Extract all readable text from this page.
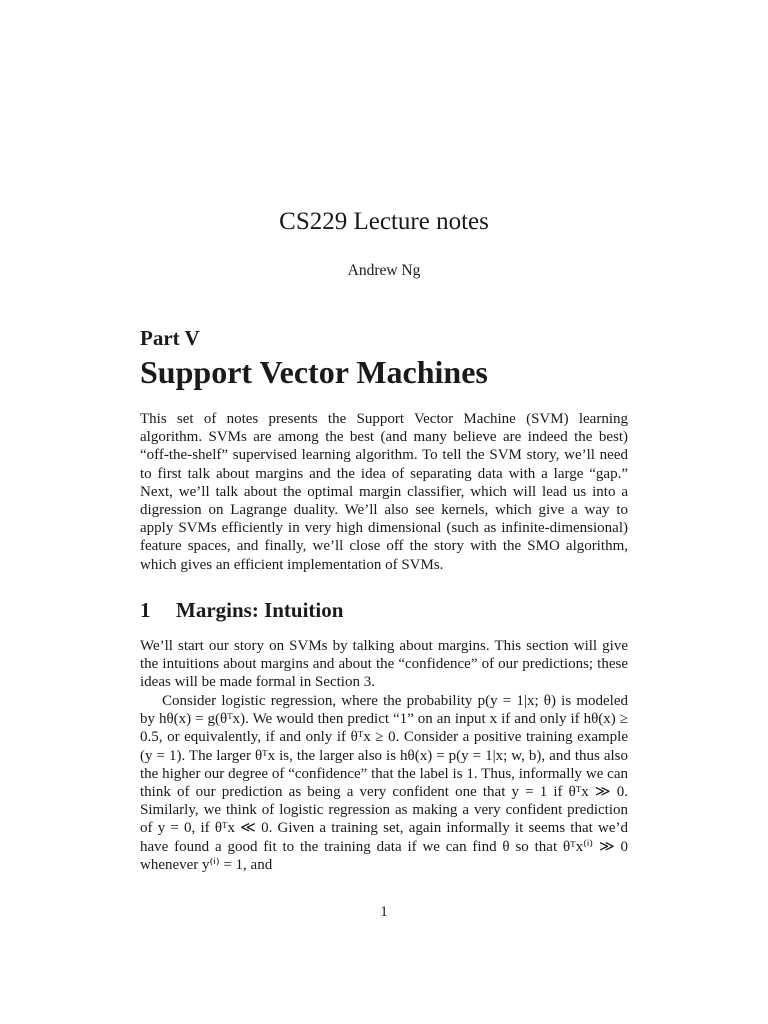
CS229 Lecture notes
Andrew Ng
Part V
Support Vector Machines
This set of notes presents the Support Vector Machine (SVM) learning algorithm. SVMs are among the best (and many believe are indeed the best) “off-the-shelf” supervised learning algorithm. To tell the SVM story, we’ll need to first talk about margins and the idea of separating data with a large “gap.” Next, we’ll talk about the optimal margin classifier, which will lead us into a digression on Lagrange duality. We’ll also see kernels, which give a way to apply SVMs efficiently in very high dimensional (such as infinite-dimensional) feature spaces, and finally, we’ll close off the story with the SMO algorithm, which gives an efficient implementation of SVMs.
1 Margins: Intuition
We’ll start our story on SVMs by talking about margins. This section will give the intuitions about margins and about the “confidence” of our predictions; these ideas will be made formal in Section 3.
Consider logistic regression, where the probability p(y = 1|x; θ) is modeled by hθ(x) = g(θᵀx). We would then predict “1” on an input x if and only if hθ(x) ≥ 0.5, or equivalently, if and only if θᵀx ≥ 0. Consider a positive training example (y = 1). The larger θᵀx is, the larger also is hθ(x) = p(y = 1|x; w, b), and thus also the higher our degree of “confidence” that the label is 1. Thus, informally we can think of our prediction as being a very confident one that y = 1 if θᵀx ≫ 0. Similarly, we think of logistic regression as making a very confident prediction of y = 0, if θᵀx ≪ 0. Given a training set, again informally it seems that we’d have found a good fit to the training data if we can find θ so that θᵀx⁽ⁱ⁾ ≫ 0 whenever y⁽ⁱ⁾ = 1, and
1
